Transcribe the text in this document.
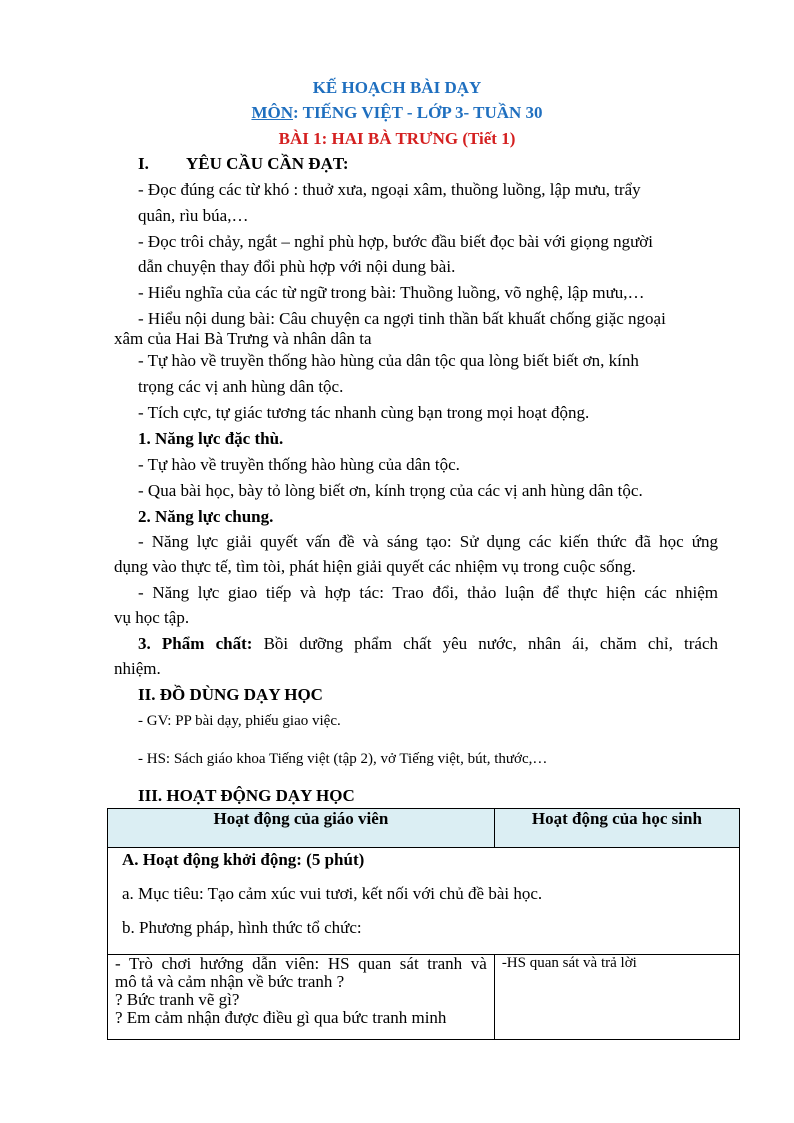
KẾ HOẠCH BÀI DẠY
MÔN: TIẾNG VIỆT - LỚP 3- TUẦN 30
BÀI 1: HAI BÀ TRƯNG (Tiết 1)
I. YÊU CẦU CẦN ĐẠT:
- Đọc đúng các từ khó : thuở xưa, ngoại xâm, thuồng luồng, lập mưu, trẩy
quân, rìu búa,…
- Đọc trôi chảy, ngắt – nghỉ phù hợp, bước đầu biết đọc bài với giọng người
dẫn chuyện thay đổi phù hợp với nội dung bài.
- Hiểu nghĩa của các từ ngữ trong bài: Thuồng luồng, võ nghệ, lập mưu,…
- Hiểu nội dung bài: Câu chuyện ca ngợi tinh thần bất khuất chống giặc ngoại
xâm của Hai Bà Trưng và nhân dân ta
- Tự hào về truyền thống hào hùng của dân tộc qua lòng biết biết ơn, kính
trọng các vị anh hùng dân tộc.
- Tích cực, tự giác tương tác nhanh cùng bạn trong mọi hoạt động.
1. Năng lực đặc thù.
- Tự hào về truyền thống hào hùng của dân tộc.
- Qua bài học, bày tỏ lòng biết ơn, kính trọng của các vị anh hùng dân tộc.
2. Năng lực chung.
- Năng lực giải quyết vấn đề và sáng tạo: Sử dụng các kiến thức đã học ứng
dụng vào thực tế, tìm tòi, phát hiện giải quyết các nhiệm vụ trong cuộc sống.
- Năng lực giao tiếp và hợp tác: Trao đổi, thảo luận để thực hiện các nhiệm
vụ học tập.
3. Phẩm chất: Bồi dưỡng phẩm chất yêu nước, nhân ái, chăm chỉ, trách
nhiệm.
II. ĐỒ DÙNG DẠY HỌC
- GV: PP bài dạy, phiếu giao việc.
- HS: Sách giáo khoa Tiếng việt (tập 2), vở Tiếng việt, bút, thước,…
III. HOẠT ĐỘNG DẠY HỌC
Hoạt động của giáo viên	Hoạt động của học sinh

A. Hoạt động khởi động: (5 phút)

a. Mục tiêu: Tạo cảm xúc vui tươi, kết nối với chủ đề bài học.

b. Phương pháp, hình thức tổ chức:	

- Trò chơi hướng dẫn viên: HS quan sát tranh và
mô tả và cảm nhận về bức tranh ?
? Bức tranh vẽ gì?
? Em cảm nhận được điều gì qua bức tranh minh	-HS quan sát và trả lời
